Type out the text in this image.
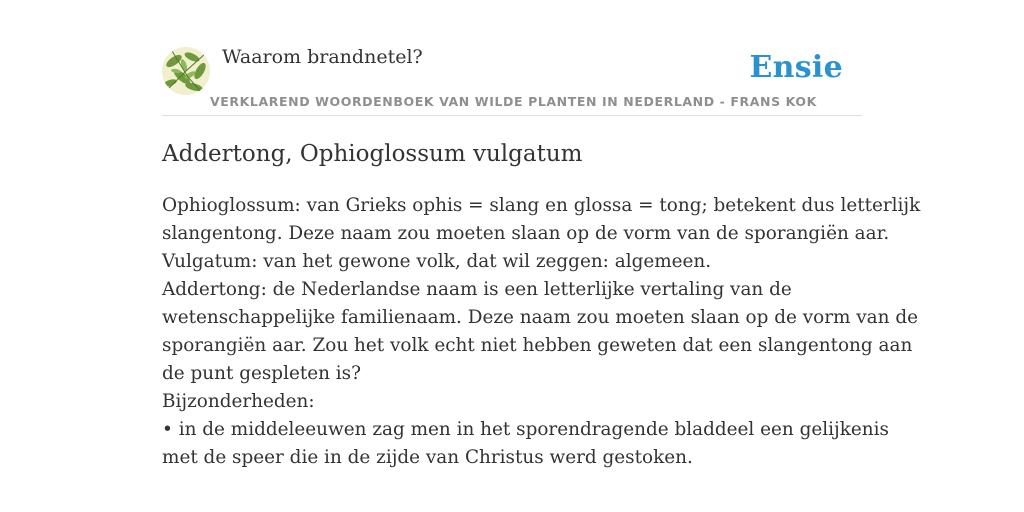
Waarom brandnetel?	Ensie
VERKLAREND WOORDENBOEK VAN WILDE PLANTEN IN NEDERLAND - FRANS KOK
Addertong, Ophioglossum vulgatum

Ophioglossum: van Grieks ophis = slang en glossa = tong; betekent dus letterlijk

slangentong. Deze naam zou moeten slaan op de vorm van de sporangiën aar.

Vulgatum: van het gewone volk, dat wil zeggen: algemeen.

Addertong: de Nederlandse naam is een letterlijke vertaling van de

wetenschappelijke familienaam. Deze naam zou moeten slaan op de vorm van de

sporangiën aar. Zou het volk echt niet hebben geweten dat een slangentong aan

de punt gespleten is?

Bijzonderheden:

• in de middeleeuwen zag men in het sporendragende bladdeel een gelijkenis

met de speer die in de zijde van Christus werd gestoken.
